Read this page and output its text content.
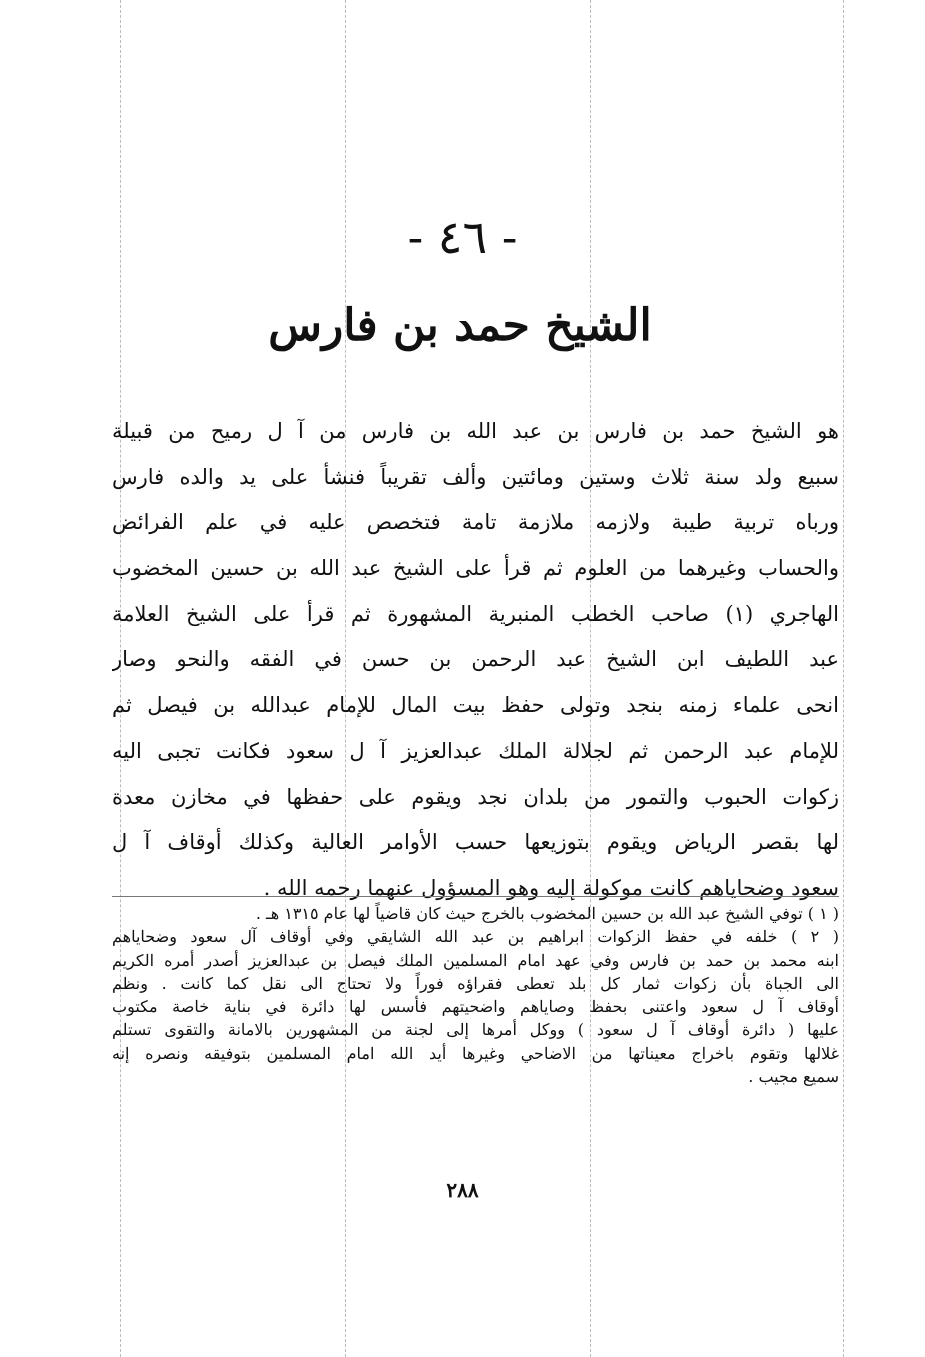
- ٤٦ -
الشيخ حمد بن فارس
هو الشيخ حمد بن فارس بن عبد الله بن فارس من آ ل رميح من قبيلة
سبيع ولد سنة ثلاث وستين ومائتين وألف تقريباً فنشأ على يد والده فارس
ورباه تربية طيبة ولازمه ملازمة تامة فتخصص عليه في علم الفرائض
والحساب وغيرهما من العلوم ثم قرأ على الشيخ عبد الله بن حسين المخضوب
الهاجري (١) صاحب الخطب المنبرية المشهورة ثم قرأ على الشيخ العلامة
عبد اللطيف ابن الشيخ عبد الرحمن بن حسن في الفقه والنحو وصار
انحى علماء زمنه بنجد وتولى حفظ بيت المال للإمام عبدالله بن فيصل ثم
للإمام عبد الرحمن ثم لجلالة الملك عبدالعزيز آ ل سعود فكانت تجبى اليه
زكوات الحبوب والتمور من بلدان نجد ويقوم على حفظها في مخازن معدة
لها بقصر الرياض ويقوم بتوزيعها حسب الأوامر العالية وكذلك أوقاف آ ل
سعود وضحاياهم كانت موكولة إليه وهو المسؤول عنهما رحمه الله .
( ١ ) توفي الشيخ عبد الله بن حسين المخضوب بالخرج حيث كان قاضياً لها عام ١٣١٥ هـ .
( ٢ ) خلفه في حفظ الزكوات ابراهيم بن عبد الله الشايقي وفي أوقاف آل سعود وضحاياهم
ابنه محمد بن حمد بن فارس وفي عهد امام المسلمين الملك فيصل بن عبدالعزيز أصدر أمره الكريم
الى الجباة بأن زكوات ثمار كل بلد تعطى فقراؤه فوراً ولا تحتاج الى نقل كما كانت . ونظم
أوقاف آ ل سعود واعتنى بحفظ وصاياهم واضحيتهم فأسس لها دائرة في بناية خاصة مكتوب
عليها ( دائرة أوقاف آ ل سعود ) ووكل أمرها إلى لجنة من المشهورين بالامانة والتقوى تستلم
غلالها وتقوم باخراج معيناتها من الاضاحي وغيرها أيد الله امام المسلمين بتوفيقه ونصره إنه
سميع مجيب .
٢٨٨
